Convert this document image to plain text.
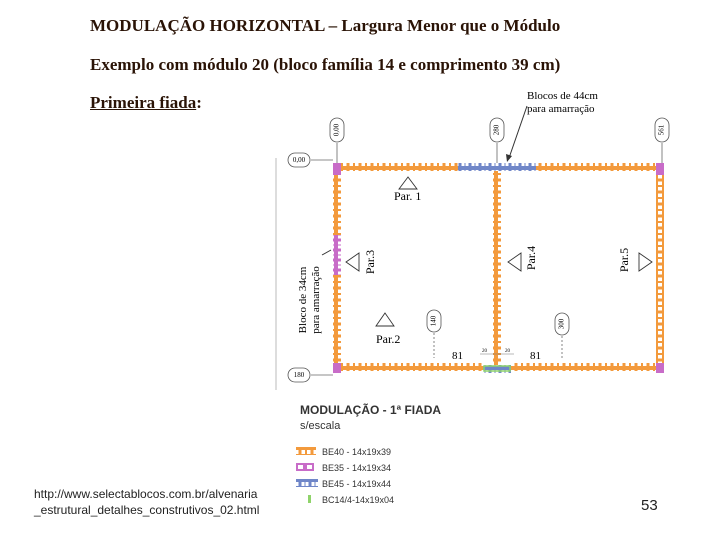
MODULAÇÃO HORIZONTAL – Largura Menor que o Módulo
Exemplo com módulo 20 (bloco família 14 e comprimento 39 cm)
Primeira fiada:
0,00	280	561
0,00
180
140	300
Blocos de 44cm
para amarração
Bloco de 34cm para amarração
Par. 1
Par.2
Par.3	Par.4	Par.5
81	81
20	20
MODULAÇÃO - 1ª FIADA
s/escala
BE40 - 14x19x39
BE35 - 14x19x34
BE45 - 14x19x44
BC14/4-14x19x04
http://www.selectablocos.com.br/alvenaria
_estrutural_detalhes_construtivos_02.html	53
